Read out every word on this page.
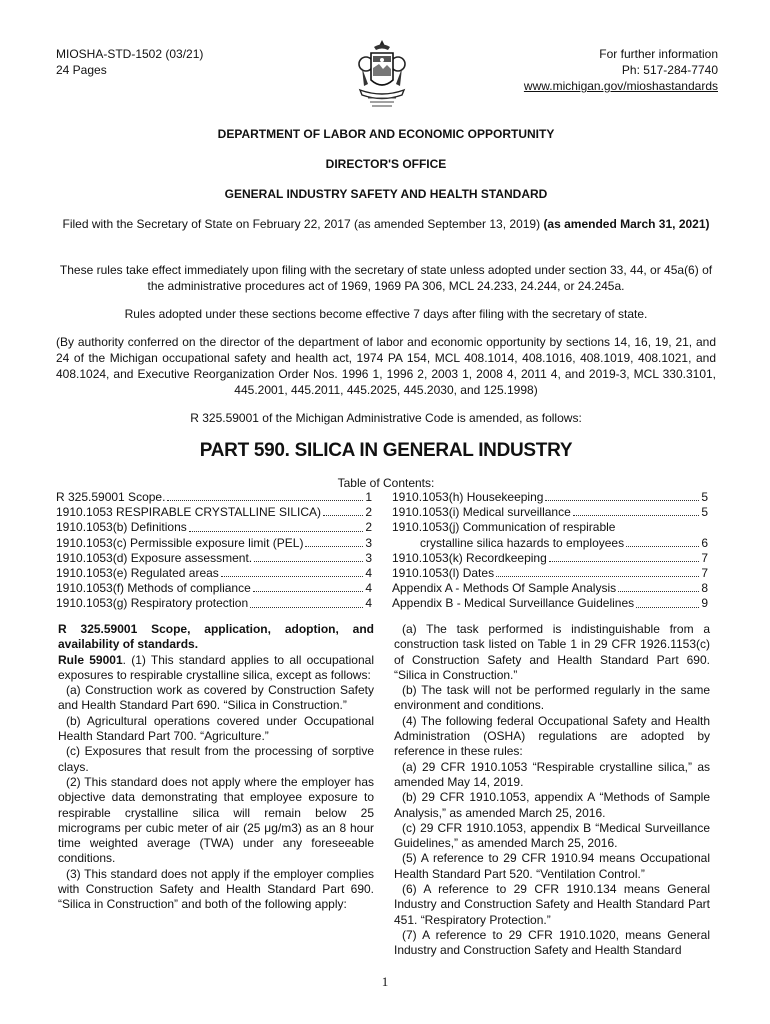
MIOSHA-STD-1502 (03/21)
24 Pages
For further information
Ph: 517-284-7740
www.michigan.gov/mioshastandards
DEPARTMENT OF LABOR AND ECONOMIC OPPORTUNITY
DIRECTOR'S OFFICE
GENERAL INDUSTRY SAFETY AND HEALTH STANDARD
Filed with the Secretary of State on February 22, 2017 (as amended September 13, 2019) (as amended March 31, 2021)
These rules take effect immediately upon filing with the secretary of state unless adopted under section 33, 44, or 45a(6) of the administrative procedures act of 1969, 1969 PA 306, MCL 24.233, 24.244, or 24.245a.
Rules adopted under these sections become effective 7 days after filing with the secretary of state.
(By authority conferred on the director of the department of labor and economic opportunity by sections 14, 16, 19, 21, and 24 of the Michigan occupational safety and health act, 1974 PA 154, MCL 408.1014, 408.1016, 408.1019, 408.1021, and 408.1024, and Executive Reorganization Order Nos. 1996 1, 1996 2, 2003 1, 2008 4, 2011 4, and 2019-3, MCL 330.3101, 445.2001, 445.2011, 445.2025, 445.2030, and 125.1998)
R 325.59001 of the Michigan Administrative Code is amended, as follows:
PART 590. SILICA IN GENERAL INDUSTRY
Table of Contents:
R 325.59001 Scope.	1
1910.1053 RESPIRABLE CRYSTALLINE SILICA)	2
1910.1053(b) Definitions	2
1910.1053(c) Permissible exposure limit (PEL)	3
1910.1053(d) Exposure assessment.	3
1910.1053(e) Regulated areas	4
1910.1053(f) Methods of compliance	4
1910.1053(g) Respiratory protection	4
1910.1053(h) Housekeeping	5
1910.1053(i) Medical surveillance	5
1910.1053(j) Communication of respirable
crystalline silica hazards to employees	6
1910.1053(k) Recordkeeping	7
1910.1053(l) Dates	7
Appendix A - Methods Of Sample Analysis	8
Appendix B - Medical Surveillance Guidelines	9

R 325.59001 Scope, application, adoption, and availability of standards.

Rule 59001. (1) This standard applies to all occupational exposures to respirable crystalline silica, except as follows:

(a) Construction work as covered by Construction Safety and Health Standard Part 690. “Silica in Construction.”

(b) Agricultural operations covered under Occupational Health Standard Part 700. “Agriculture.”

(c) Exposures that result from the processing of sorptive clays.

(2) This standard does not apply where the employer has objective data demonstrating that employee exposure to respirable crystalline silica will remain below 25 micrograms per cubic meter of air (25 μg/m3) as an 8 hour time weighted average (TWA) under any foreseeable conditions.

(3) This standard does not apply if the employer complies with Construction Safety and Health Standard Part 690. “Silica in Construction” and both of the following apply:

(a) The task performed is indistinguishable from a construction task listed on Table 1 in 29 CFR 1926.1153(c) of Construction Safety and Health Standard Part 690. “Silica in Construction.”

(b) The task will not be performed regularly in the same environment and conditions.

(4) The following federal Occupational Safety and Health Administration (OSHA) regulations are adopted by reference in these rules:

(a) 29 CFR 1910.1053 “Respirable crystalline silica,” as amended May 14, 2019.

(b) 29 CFR 1910.1053, appendix A “Methods of Sample Analysis,” as amended March 25, 2016.

(c) 29 CFR 1910.1053, appendix B “Medical Surveillance Guidelines,” as amended March 25, 2016.

(5) A reference to 29 CFR 1910.94 means Occupational Health Standard Part 520. “Ventilation Control.”

(6) A reference to 29 CFR 1910.134 means General Industry and Construction Safety and Health Standard Part 451. “Respiratory Protection.”

(7) A reference to 29 CFR 1910.1020, means General Industry and Construction Safety and Health Standard

1
